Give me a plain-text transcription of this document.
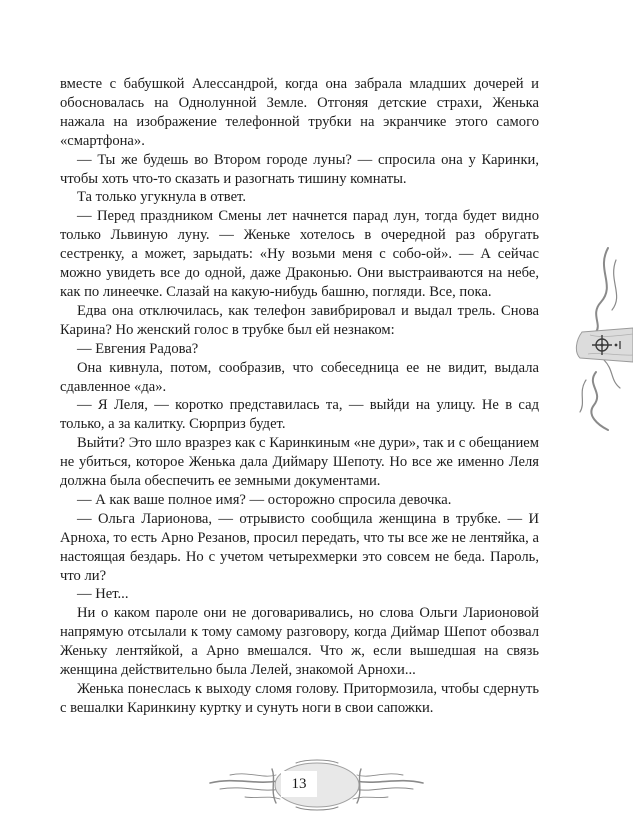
вместе с бабушкой Алессандрой, когда она забрала младших дочерей и обосновалась на Однолунной Земле. Отгоняя детские страхи, Женька нажала на изображение телефонной трубки на экранчике этого самого «смартфона».

— Ты же будешь во Втором городе луны? — спросила она у Каринки, чтобы хоть что-то сказать и разогнать тишину комнаты.

Та только угукнула в ответ.

— Перед праздником Смены лет начнется парад лун, тогда будет видно только Львиную луну. — Женьке хотелось в очередной раз обругать сестренку, а может, зарыдать: «Ну возьми меня с собо-ой». — А сейчас можно увидеть все до одной, даже Драконью. Они выстраиваются на небе, как по линеечке. Слазай на какую-нибудь башню, погляди. Все, пока.

Едва она отключилась, как телефон завибрировал и выдал трель. Снова Карина? Но женский голос в трубке был ей незнаком:

— Евгения Радова?

Она кивнула, потом, сообразив, что собеседница ее не видит, выдала сдавленное «да».

— Я Леля, — коротко представилась та, — выйди на улицу. Не в сад только, а за калитку. Сюрприз будет.

Выйти? Это шло вразрез как с Каринкиным «не дури», так и с обещанием не убиться, которое Женька дала Диймару Шепоту. Но все же именно Леля должна была обеспечить ее земными документами.

— А как ваше полное имя? — осторожно спросила девочка.

— Ольга Ларионова, — отрывисто сообщила женщина в трубке. — И Арноха, то есть Арно Резанов, просил передать, что ты все же не лентяйка, а настоящая бездарь. Но с учетом четырехмерки это совсем не беда. Пароль, что ли?

— Нет...

Ни о каком пароле они не договаривались, но слова Ольги Ларионовой напрямую отсылали к тому самому разговору, когда Диймар Шепот обозвал Женьку лентяйкой, а Арно вмешался. Что ж, если вышедшая на связь женщина действительно была Лелей, знакомой Арнохи...

Женька понеслась к выходу сломя голову. Притормозила, чтобы сдернуть с вешалки Каринкину куртку и сунуть ноги в свои сапожки.

13
